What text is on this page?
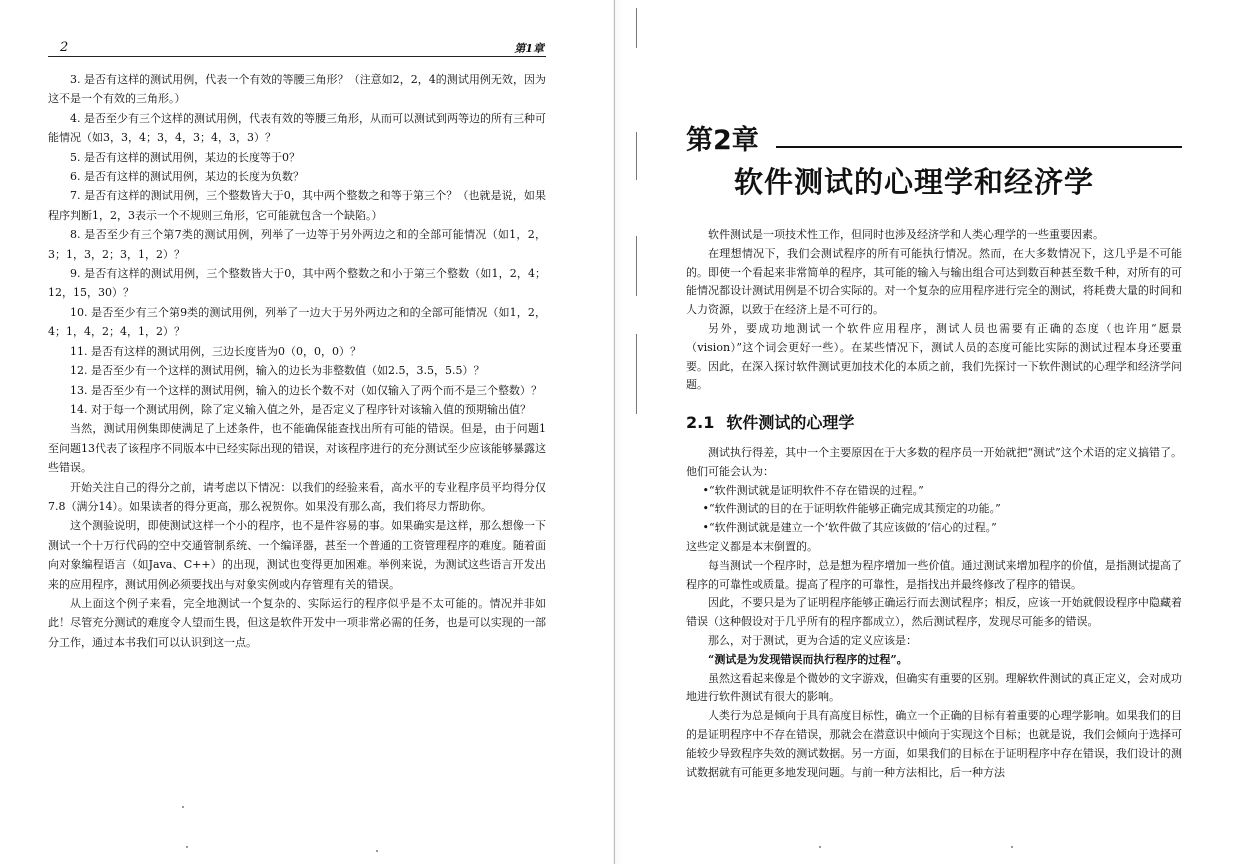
2	第1章

3. 是否有这样的测试用例，代表一个有效的等腰三角形？（注意如2，2，4的测试用例无效，因为这不是一个有效的三角形。）

4. 是否至少有三个这样的测试用例，代表有效的等腰三角形，从而可以测试到两等边的所有三种可能情况（如3，3，4；3，4，3；4，3，3）？

5. 是否有这样的测试用例，某边的长度等于0？

6. 是否有这样的测试用例，某边的长度为负数？

7. 是否有这样的测试用例，三个整数皆大于0，其中两个整数之和等于第三个？（也就是说，如果程序判断1，2，3表示一个不规则三角形，它可能就包含一个缺陷。）

8. 是否至少有三个第7类的测试用例，列举了一边等于另外两边之和的全部可能情况（如1，2，3；1，3，2；3，1，2）？

9. 是否有这样的测试用例，三个整数皆大于0，其中两个整数之和小于第三个整数（如1，2，4；12，15，30）？

10. 是否至少有三个第9类的测试用例，列举了一边大于另外两边之和的全部可能情况（如1，2，4；1，4，2；4，1，2）？

11. 是否有这样的测试用例，三边长度皆为0（0，0，0）？

12. 是否至少有一个这样的测试用例，输入的边长为非整数值（如2.5，3.5，5.5）？

13. 是否至少有一个这样的测试用例，输入的边长个数不对（如仅输入了两个而不是三个整数）？

14. 对于每一个测试用例，除了定义输入值之外，是否定义了程序针对该输入值的预期输出值？

当然，测试用例集即使满足了上述条件，也不能确保能查找出所有可能的错误。但是，由于问题1至问题13代表了该程序不同版本中已经实际出现的错误，对该程序进行的充分测试至少应该能够暴露这些错误。

开始关注自己的得分之前，请考虑以下情况：以我们的经验来看，高水平的专业程序员平均得分仅7.8（满分14）。如果读者的得分更高，那么祝贺你。如果没有那么高，我们将尽力帮助你。

这个测验说明，即使测试这样一个小的程序，也不是件容易的事。如果确实是这样，那么想像一下测试一个十万行代码的空中交通管制系统、一个编译器，甚至一个普通的工资管理程序的难度。随着面向对象编程语言（如Java、C++）的出现，测试也变得更加困难。举例来说，为测试这些语言开发出来的应用程序，测试用例必须要找出与对象实例或内存管理有关的错误。

从上面这个例子来看，完全地测试一个复杂的、实际运行的程序似乎是不太可能的。情况并非如此！尽管充分测试的难度令人望而生畏，但这是软件开发中一项非常必需的任务，也是可以实现的一部分工作，通过本书我们可以认识到这一点。

第2章
软件测试的心理学和经济学

软件测试是一项技术性工作，但同时也涉及经济学和人类心理学的一些重要因素。

在理想情况下，我们会测试程序的所有可能执行情况。然而，在大多数情况下，这几乎是不可能的。即使一个看起来非常简单的程序，其可能的输入与输出组合可达到数百种甚至数千种，对所有的可能情况都设计测试用例是不切合实际的。对一个复杂的应用程序进行完全的测试，将耗费大量的时间和人力资源，以致于在经济上是不可行的。

另外，要成功地测试一个软件应用程序，测试人员也需要有正确的态度（也许用“愿景（vision）”这个词会更好一些）。在某些情况下，测试人员的态度可能比实际的测试过程本身还要重要。因此，在深入探讨软件测试更加技术化的本质之前，我们先探讨一下软件测试的心理学和经济学问题。

2.1 软件测试的心理学

测试执行得差，其中一个主要原因在于大多数的程序员一开始就把“测试”这个术语的定义搞错了。他们可能会认为：

•“软件测试就是证明软件不存在错误的过程。”

•“软件测试的目的在于证明软件能够正确完成其预定的功能。”

•“软件测试就是建立一个‘软件做了其应该做的’信心的过程。”

这些定义都是本末倒置的。

每当测试一个程序时，总是想为程序增加一些价值。通过测试来增加程序的价值，是指测试提高了程序的可靠性或质量。提高了程序的可靠性，是指找出并最终修改了程序的错误。

因此，不要只是为了证明程序能够正确运行而去测试程序；相反，应该一开始就假设程序中隐藏着错误（这种假设对于几乎所有的程序都成立），然后测试程序，发现尽可能多的错误。

那么，对于测试，更为合适的定义应该是：

“测试是为发现错误而执行程序的过程”。

虽然这看起来像是个微妙的文字游戏，但确实有重要的区别。理解软件测试的真正定义，会对成功地进行软件测试有很大的影响。

人类行为总是倾向于具有高度目标性，确立一个正确的目标有着重要的心理学影响。如果我们的目的是证明程序中不存在错误，那就会在潜意识中倾向于实现这个目标；也就是说，我们会倾向于选择可能较少导致程序失效的测试数据。另一方面，如果我们的目标在于证明程序中存在错误，我们设计的测试数据就有可能更多地发现问题。与前一种方法相比，后一种方法
